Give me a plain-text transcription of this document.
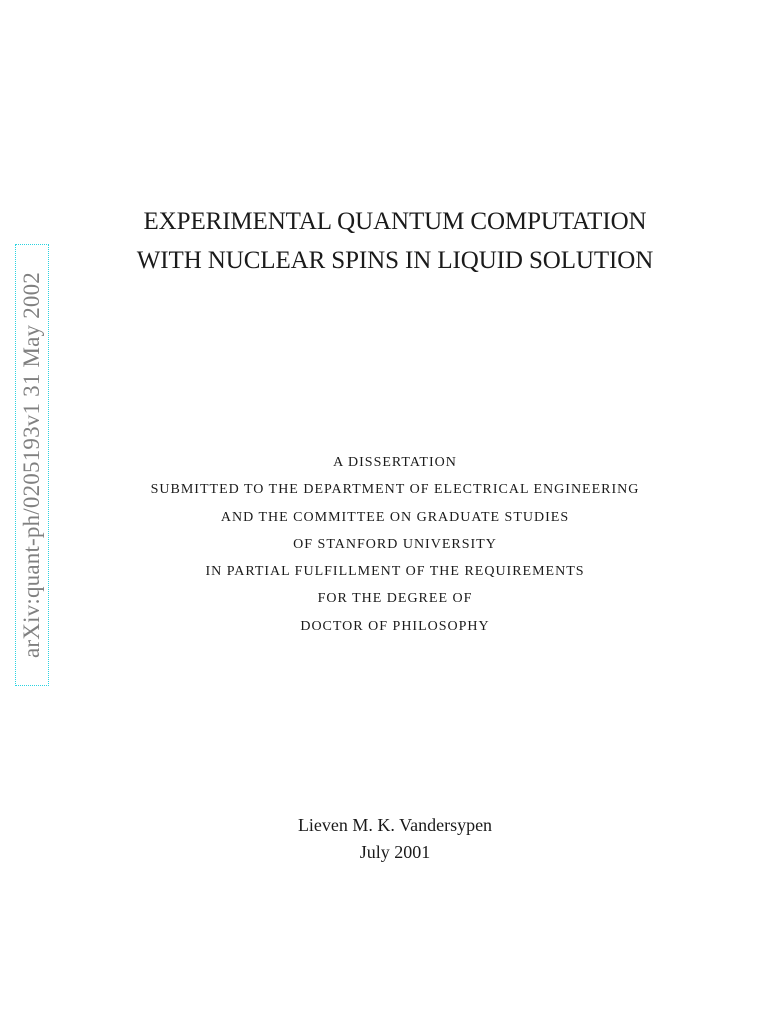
arXiv:quant-ph/0205193v1 31 May 2002
EXPERIMENTAL QUANTUM COMPUTATION
WITH NUCLEAR SPINS IN LIQUID SOLUTION
A DISSERTATION
SUBMITTED TO THE DEPARTMENT OF ELECTRICAL ENGINEERING
AND THE COMMITTEE ON GRADUATE STUDIES
OF STANFORD UNIVERSITY
IN PARTIAL FULFILLMENT OF THE REQUIREMENTS
FOR THE DEGREE OF
DOCTOR OF PHILOSOPHY
Lieven M. K. Vandersypen
July 2001
